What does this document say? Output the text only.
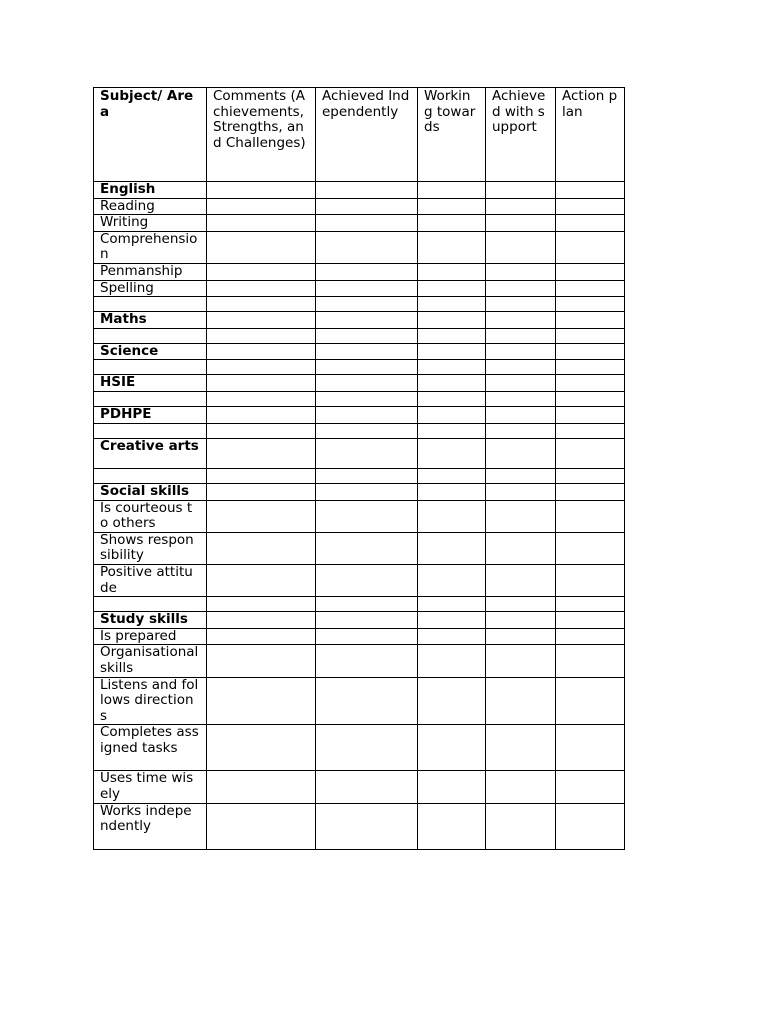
Subject/ Area	Comments (Achievements, Strengths, and Challenges)	Achieved Independently	Working towards	Achieved with support	Action plan
English					
Reading					
Writing					
Comprehension					
Penmanship					
Spelling					

Maths					

Science					

HSIE					

PDHPE					

Creative arts					

Social skills					
Is courteous to others					
Shows responsibility					
Positive attitude					

Study skills					
Is prepared					
Organisational skills					
Listens and follows directions					
Completes assigned tasks					
Uses time wisely					
Works independently					
